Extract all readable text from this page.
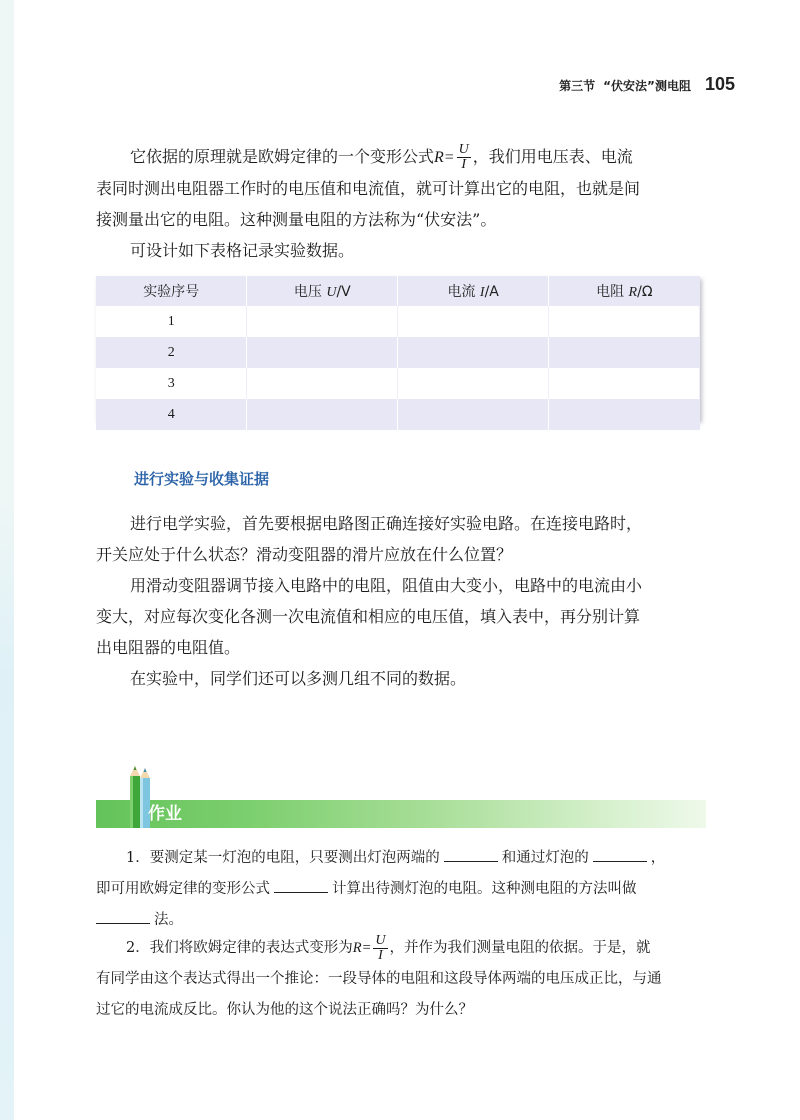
第三节 “伏安法”测电阻 105
它依据的原理就是欧姆定律的一个变形公式$R= \frac{U}{I}$ ，我们用电压表、电流
表同时测出电阻器工作时的电压值和电流值，就可计算出它的电阻，也就是间
接测量出它的电阻。这种测量电阻的方法称为“伏安法”。
可设计如下表格记录实验数据。
实验序号	电压 U/V	电流 I/A	电阻 R/Ω
1			
2			
3			
4			
进行实验与收集证据
进行电学实验，首先要根据电路图正确连接好实验电路。在连接电路时，
开关应处于什么状态？滑动变阻器的滑片应放在什么位置？
用滑动变阻器调节接入电路中的电阻，阻值由大变小，电路中的电流由小
变大，对应每次变化各测一次电流值和相应的电压值，填入表中，再分别计算
出电阻器的电阻值。
在实验中，同学们还可以多测几组不同的数据。
作业
1．要测定某一灯泡的电阻，只要测出灯泡两端的	和通过灯泡的	，
即可用欧姆定律的变形公式	计算出待测灯泡的电阻。这种测电阻的方法叫做
法。
2．我们将欧姆定律的表达式变形为$R= \frac{U}{I}$ ，并作为我们测量电阻的依据。于是，就
有同学由这个表达式得出一个推论：一段导体的电阻和这段导体两端的电压成正比，与通
过它的电流成反比。你认为他的这个说法正确吗？为什么？
